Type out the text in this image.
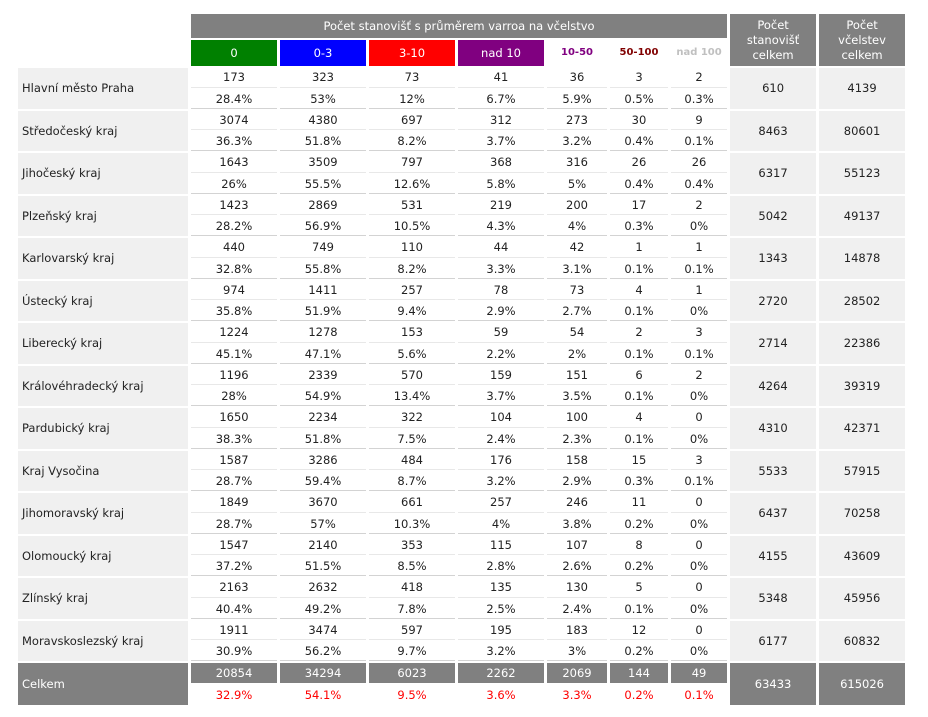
	Počet stanovišť s průměrem varroa na včelstvo							Počet stanovišť celkem	Počet včelstev celkem
	0	0-3	3-10	nad 10	10-50	50-100	nad 100		
Hlavní město Praha	173	323	73	41	36	3	2	610	4139
	28.4%	53%	12%	6.7%	5.9%	0.5%	0.3%		
Středočeský kraj	3074	4380	697	312	273	30	9	8463	80601
	36.3%	51.8%	8.2%	3.7%	3.2%	0.4%	0.1%		
Jihočeský kraj	1643	3509	797	368	316	26	26	6317	55123
	26%	55.5%	12.6%	5.8%	5%	0.4%	0.4%		
Plzeňský kraj	1423	2869	531	219	200	17	2	5042	49137
	28.2%	56.9%	10.5%	4.3%	4%	0.3%	0%		
Karlovarský kraj	440	749	110	44	42	1	1	1343	14878
	32.8%	55.8%	8.2%	3.3%	3.1%	0.1%	0.1%		
Ústecký kraj	974	1411	257	78	73	4	1	2720	28502
	35.8%	51.9%	9.4%	2.9%	2.7%	0.1%	0%		
Liberecký kraj	1224	1278	153	59	54	2	3	2714	22386
	45.1%	47.1%	5.6%	2.2%	2%	0.1%	0.1%		
Královéhradecký kraj	1196	2339	570	159	151	6	2	4264	39319
	28%	54.9%	13.4%	3.7%	3.5%	0.1%	0%		
Pardubický kraj	1650	2234	322	104	100	4	0	4310	42371
	38.3%	51.8%	7.5%	2.4%	2.3%	0.1%	0%		
Kraj Vysočina	1587	3286	484	176	158	15	3	5533	57915
	28.7%	59.4%	8.7%	3.2%	2.9%	0.3%	0.1%		
Jihomoravský kraj	1849	3670	661	257	246	11	0	6437	70258
	28.7%	57%	10.3%	4%	3.8%	0.2%	0%		
Olomoucký kraj	1547	2140	353	115	107	8	0	4155	43609
	37.2%	51.5%	8.5%	2.8%	2.6%	0.2%	0%		
Zlínský kraj	2163	2632	418	135	130	5	0	5348	45956
	40.4%	49.2%	7.8%	2.5%	2.4%	0.1%	0%		
Moravskoslezský kraj	1911	3474	597	195	183	12	0	6177	60832
	30.9%	56.2%	9.7%	3.2%	3%	0.2%	0%		
Celkem	20854	34294	6023	2262	2069	144	49	63433	615026
	32.9%	54.1%	9.5%	3.6%	3.3%	0.2%	0.1%		
